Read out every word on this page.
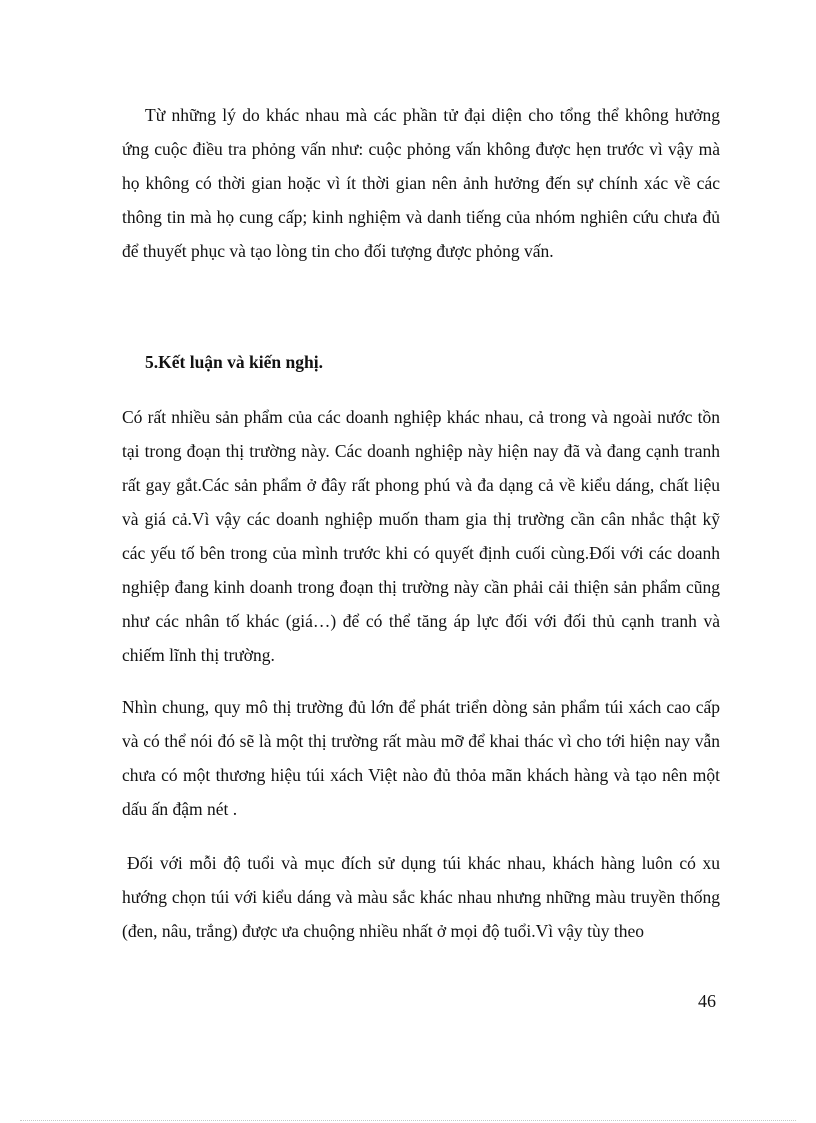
Từ những lý do khác nhau mà các phần tử đại diện cho tổng thể không hưởng ứng cuộc điều tra phỏng vấn như: cuộc phỏng vấn không được hẹn trước vì vậy mà họ không có thời gian hoặc vì ít thời gian nên ảnh hưởng đến sự chính xác về các thông tin mà họ cung cấp; kinh nghiệm và danh tiếng của nhóm nghiên cứu chưa đủ để thuyết phục và tạo lòng tin cho đối tượng được phỏng vấn.

5.Kết luận và kiến nghị.

Có rất nhiều sản phẩm của các doanh nghiệp khác nhau, cả trong và ngoài nước tồn tại trong đoạn thị trường này. Các doanh nghiệp này hiện nay đã và đang cạnh tranh rất gay gắt.Các sản phẩm ở đây rất phong phú và đa dạng cả về kiểu dáng, chất liệu và giá cả.Vì vậy các doanh nghiệp muốn tham gia thị trường cần cân nhắc thật kỹ các yếu tố bên trong của mình trước khi có quyết định cuối cùng.Đối với các doanh nghiệp đang kinh doanh trong đoạn thị trường này cần phải cải thiện sản phẩm cũng như các nhân tố khác (giá…) để có thể tăng áp lực đối với đối thủ cạnh tranh và chiếm lĩnh thị trường.

Nhìn chung, quy mô thị trường đủ lớn để phát triển dòng sản phẩm túi xách cao cấp và có thể nói đó sẽ là một thị trường rất màu mỡ để khai thác vì cho tới hiện nay vẫn chưa có một thương hiệu túi xách Việt nào đủ thỏa mãn khách hàng và tạo nên một dấu ấn đậm nét .

Đối với mỗi độ tuổi và mục đích sử dụng túi khác nhau, khách hàng luôn có xu hướng chọn túi với kiểu dáng và màu sắc khác nhau nhưng những màu truyền thống (đen, nâu, trắng) được ưa chuộng nhiều nhất ở mọi độ tuổi.Vì vậy tùy theo

46
